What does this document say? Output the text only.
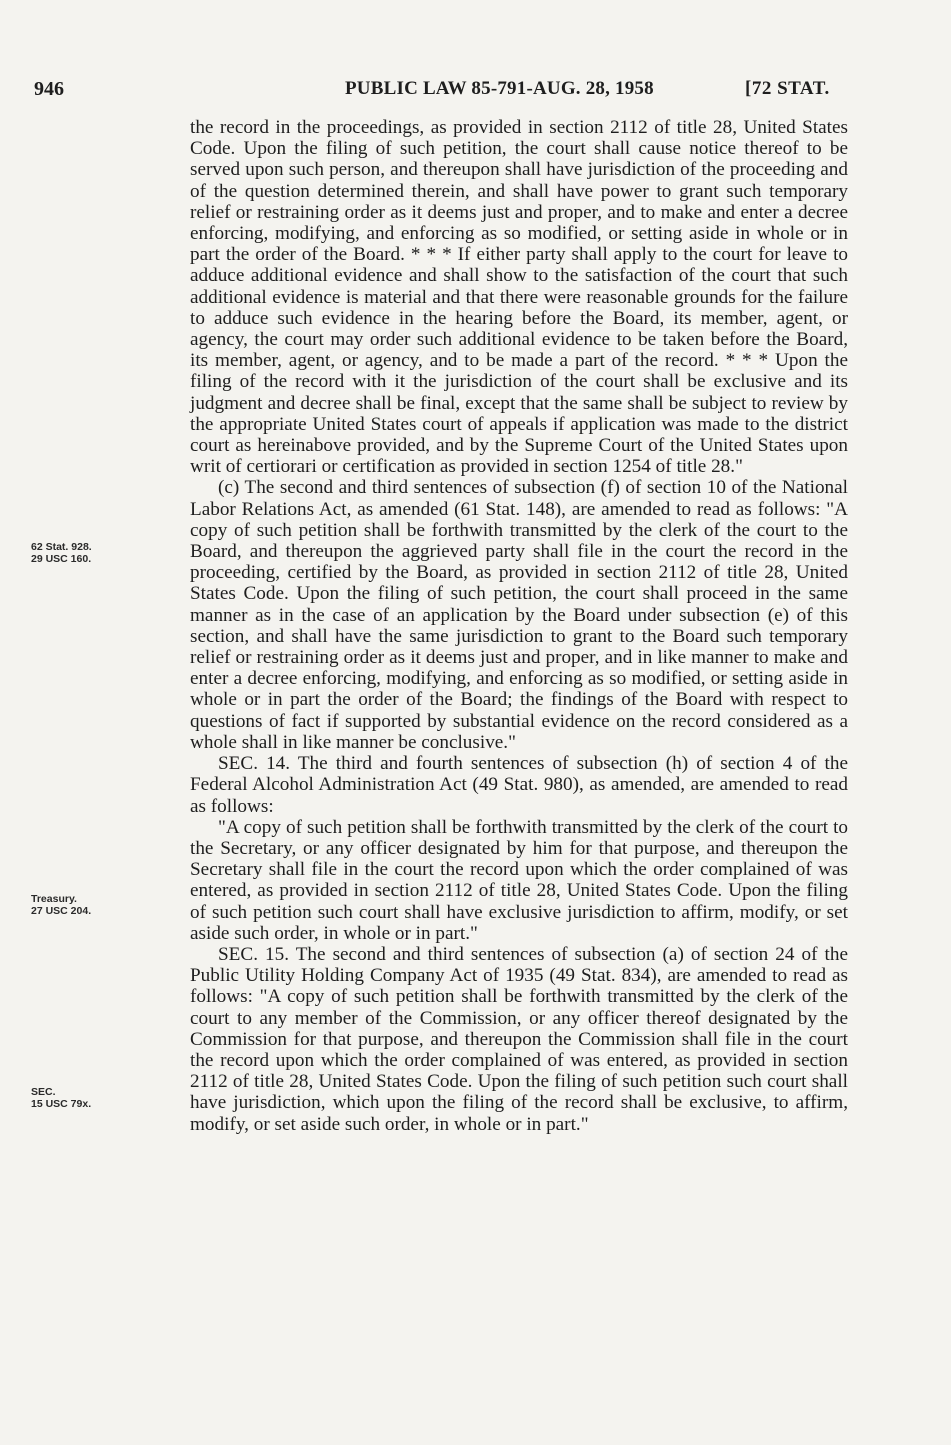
946	PUBLIC LAW 85-791-AUG. 28, 1958	[72 STAT.
62 Stat. 928.
29 USC 160.
Treasury.
27 USC 204.
SEC.
15 USC 79x.

the record in the proceedings, as provided in section 2112 of title 28, United States Code. Upon the filing of such petition, the court shall cause notice thereof to be served upon such person, and thereupon shall have jurisdiction of the proceeding and of the question determined therein, and shall have power to grant such temporary relief or restraining order as it deems just and proper, and to make and enter a decree enforcing, modifying, and enforcing as so modified, or setting aside in whole or in part the order of the Board. * * * If either party shall apply to the court for leave to adduce additional evidence and shall show to the satisfaction of the court that such additional evidence is material and that there were reasonable grounds for the failure to adduce such evidence in the hearing before the Board, its member, agent, or agency, the court may order such additional evidence to be taken before the Board, its member, agent, or agency, and to be made a part of the record. * * * Upon the filing of the record with it the jurisdiction of the court shall be exclusive and its judgment and decree shall be final, except that the same shall be subject to review by the appropriate United States court of appeals if application was made to the district court as hereinabove provided, and by the Supreme Court of the United States upon writ of certiorari or certification as provided in section 1254 of title 28."

(c) The second and third sentences of subsection (f) of section 10 of the National Labor Relations Act, as amended (61 Stat. 148), are amended to read as follows: "A copy of such petition shall be forthwith transmitted by the clerk of the court to the Board, and thereupon the aggrieved party shall file in the court the record in the proceeding, certified by the Board, as provided in section 2112 of title 28, United States Code. Upon the filing of such petition, the court shall proceed in the same manner as in the case of an application by the Board under subsection (e) of this section, and shall have the same jurisdiction to grant to the Board such temporary relief or restraining order as it deems just and proper, and in like manner to make and enter a decree enforcing, modifying, and enforcing as so modified, or setting aside in whole or in part the order of the Board; the findings of the Board with respect to questions of fact if supported by substantial evidence on the record considered as a whole shall in like manner be conclusive."

SEC. 14. The third and fourth sentences of subsection (h) of section 4 of the Federal Alcohol Administration Act (49 Stat. 980), as amended, are amended to read as follows:

"A copy of such petition shall be forthwith transmitted by the clerk of the court to the Secretary, or any officer designated by him for that purpose, and thereupon the Secretary shall file in the court the record upon which the order complained of was entered, as provided in section 2112 of title 28, United States Code. Upon the filing of such petition such court shall have exclusive jurisdiction to affirm, modify, or set aside such order, in whole or in part."

SEC. 15. The second and third sentences of subsection (a) of section 24 of the Public Utility Holding Company Act of 1935 (49 Stat. 834), are amended to read as follows: "A copy of such petition shall be forthwith transmitted by the clerk of the court to any member of the Commission, or any officer thereof designated by the Commission for that purpose, and thereupon the Commission shall file in the court the record upon which the order complained of was entered, as provided in section 2112 of title 28, United States Code. Upon the filing of such petition such court shall have jurisdiction, which upon the filing of the record shall be exclusive, to affirm, modify, or set aside such order, in whole or in part."
